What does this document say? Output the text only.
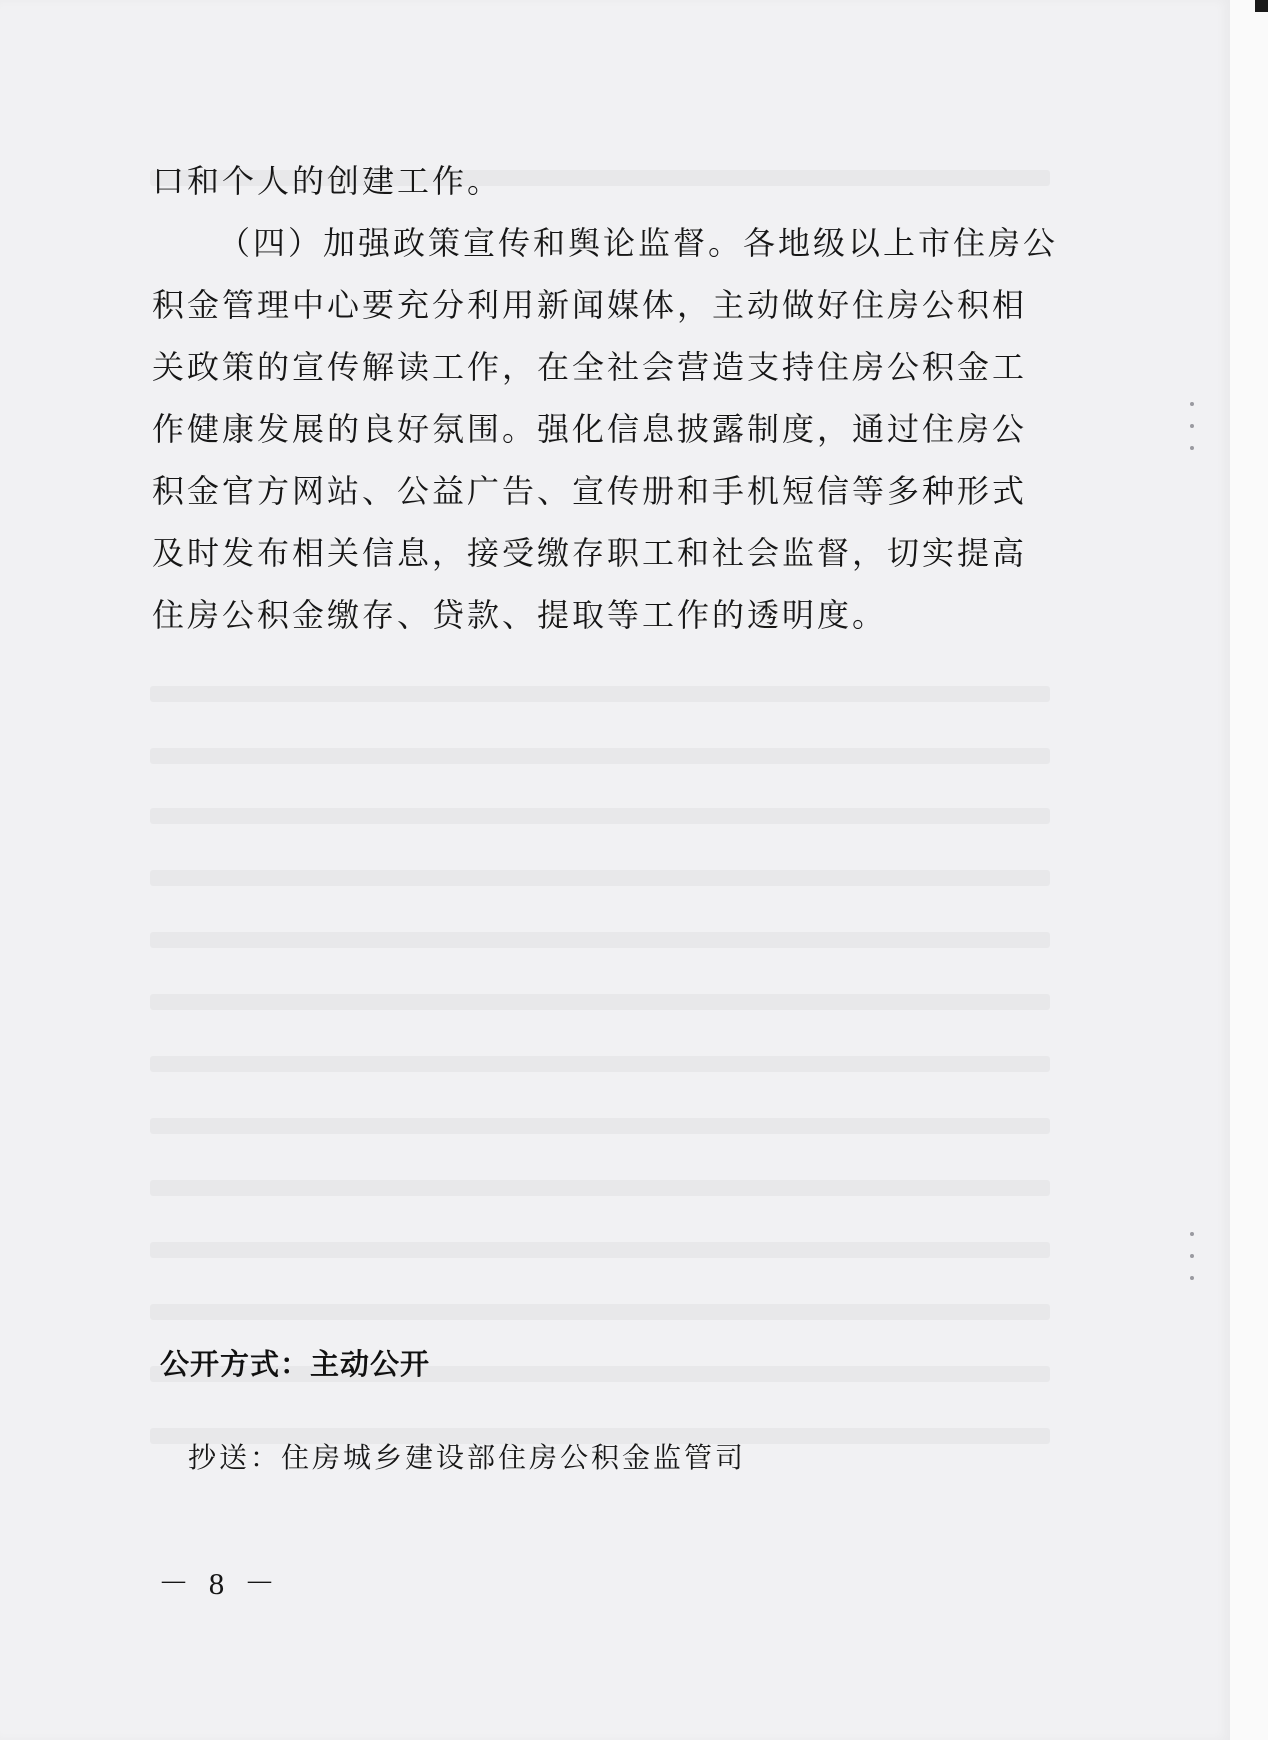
口和个人的创建工作。

（四）加强政策宣传和舆论监督。各地级以上市住房公积金管理中心要充分利用新闻媒体，主动做好住房公积相关政策的宣传解读工作，在全社会营造支持住房公积金工作健康发展的良好氛围。强化信息披露制度，通过住房公积金官方网站、公益广告、宣传册和手机短信等多种形式及时发布相关信息，接受缴存职工和社会监督，切实提高住房公积金缴存、贷款、提取等工作的透明度。

公开方式：主动公开
抄送：住房城乡建设部住房公积金监管司
－ 8 －
